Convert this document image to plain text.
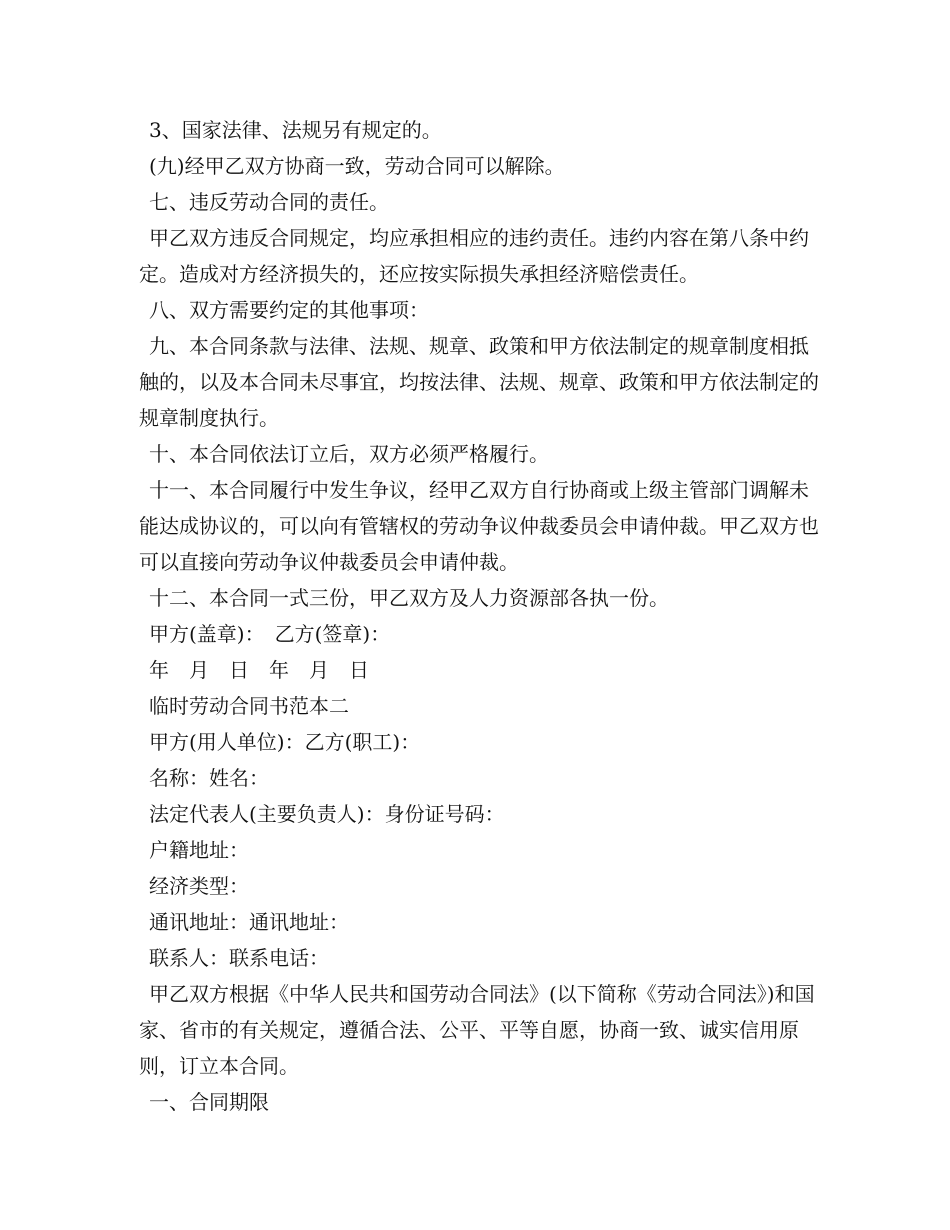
3、国家法律、法规另有规定的。

(九)经甲乙双方协商一致，劳动合同可以解除。

七、违反劳动合同的责任。

甲乙双方违反合同规定，均应承担相应的违约责任。违约内容在第八条中约定。造成对方经济损失的，还应按实际损失承担经济赔偿责任。

八、双方需要约定的其他事项：

九、本合同条款与法律、法规、规章、政策和甲方依法制定的规章制度相抵触的，以及本合同未尽事宜，均按法律、法规、规章、政策和甲方依法制定的规章制度执行。

十、本合同依法订立后，双方必须严格履行。

十一、本合同履行中发生争议，经甲乙双方自行协商或上级主管部门调解未能达成协议的，可以向有管辖权的劳动争议仲裁委员会申请仲裁。甲乙双方也可以直接向劳动争议仲裁委员会申请仲裁。

十二、本合同一式三份，甲乙双方及人力资源部各执一份。

甲方(盖章)：　乙方(签章)：

年　月　日　年　月　日

临时劳动合同书范本二

甲方(用人单位)：乙方(职工)：

名称：姓名：

法定代表人(主要负责人)：身份证号码：

户籍地址：

经济类型：

通讯地址：通讯地址：

联系人：联系电话：

甲乙双方根据《中华人民共和国劳动合同法》(以下简称《劳动合同法》)和国家、省市的有关规定，遵循合法、公平、平等自愿，协商一致、诚实信用原则，订立本合同。

一、合同期限
